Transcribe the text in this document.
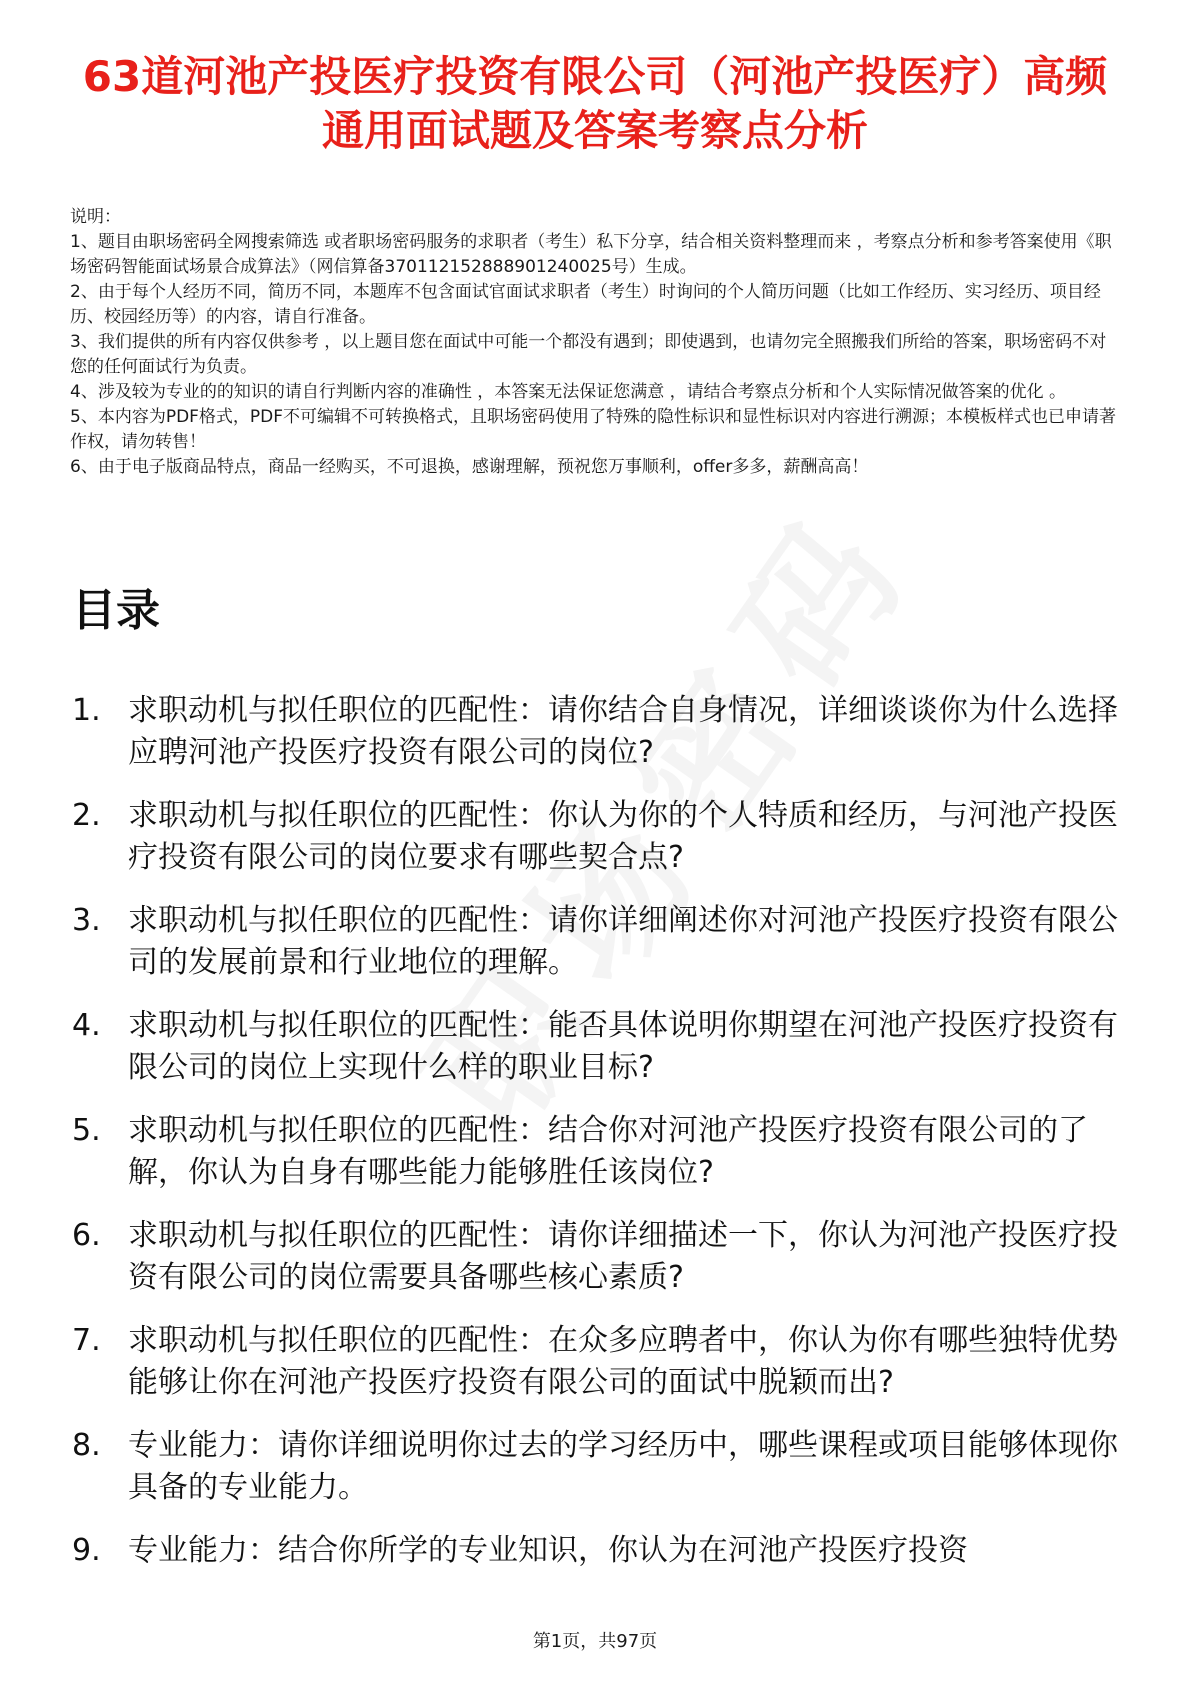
63道河池产投医疗投资有限公司（河池产投医疗）高频通用面试题及答案考察点分析

说明：

1、题目由职场密码全网搜索筛选 或者职场密码服务的求职者（考生）私下分享，结合相关资料整理而来 ，考察点分析和参考答案使用《职场密码智能面试场景合成算法》（网信算备370112152888901240025号）生成。

2、由于每个人经历不同，简历不同，本题库不包含面试官面试求职者（考生）时询问的个人简历问题（比如工作经历、实习经历、项目经历、校园经历等）的内容，请自行准备。

3、我们提供的所有内容仅供参考 ，以上题目您在面试中可能一个都没有遇到；即使遇到，也请勿完全照搬我们所给的答案，职场密码不对您的任何面试行为负责。

4、涉及较为专业的的知识的请自行判断内容的准确性 ，本答案无法保证您满意 ，请结合考察点分析和个人实际情况做答案的优化 。

5、本内容为PDF格式，PDF不可编辑不可转换格式，且职场密码使用了特殊的隐性标识和显性标识对内容进行溯源；本模板样式也已申请著作权，请勿转售！

6、由于电子版商品特点，商品一经购买，不可退换，感谢理解，预祝您万事顺利，offer多多，薪酬高高！

目录
1. 求职动机与拟任职位的匹配性：请你结合自身情况，详细谈谈你为什么选择应聘河池产投医疗投资有限公司的岗位?
2. 求职动机与拟任职位的匹配性：你认为你的个人特质和经历，与河池产投医疗投资有限公司的岗位要求有哪些契合点?
3. 求职动机与拟任职位的匹配性：请你详细阐述你对河池产投医疗投资有限公司的发展前景和行业地位的理解。
4. 求职动机与拟任职位的匹配性：能否具体说明你期望在河池产投医疗投资有限公司的岗位上实现什么样的职业目标?
5. 求职动机与拟任职位的匹配性：结合你对河池产投医疗投资有限公司的了解，你认为自身有哪些能力能够胜任该岗位?
6. 求职动机与拟任职位的匹配性：请你详细描述一下，你认为河池产投医疗投资有限公司的岗位需要具备哪些核心素质?
7. 求职动机与拟任职位的匹配性：在众多应聘者中，你认为你有哪些独特优势能够让你在河池产投医疗投资有限公司的面试中脱颖而出?
8. 专业能力：请你详细说明你过去的学习经历中，哪些课程或项目能够体现你具备的专业能力。
9. 专业能力：结合你所学的专业知识，你认为在河池产投医疗投资
第1页，共97页
